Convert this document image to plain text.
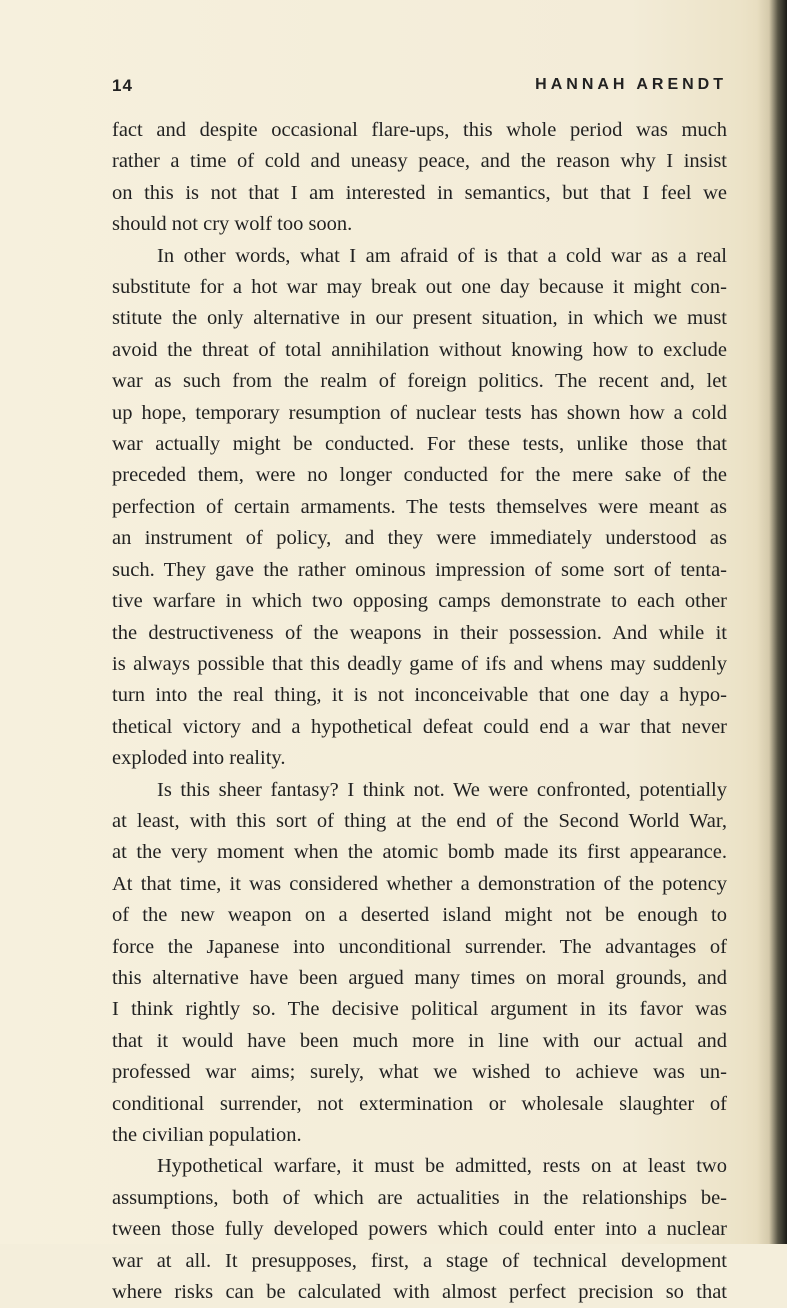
14	HANNAH ARENDT
fact and despite occasional flare-ups, this whole period was much
rather a time of cold and uneasy peace, and the reason why I insist
on this is not that I am interested in semantics, but that I feel we
should not cry wolf too soon.
In other words, what I am afraid of is that a cold war as a real
substitute for a hot war may break out one day because it might con-
stitute the only alternative in our present situation, in which we must
avoid the threat of total annihilation without knowing how to exclude
war as such from the realm of foreign politics. The recent and, let
up hope, temporary resumption of nuclear tests has shown how a cold
war actually might be conducted. For these tests, unlike those that
preceded them, were no longer conducted for the mere sake of the
perfection of certain armaments. The tests themselves were meant as
an instrument of policy, and they were immediately understood as
such. They gave the rather ominous impression of some sort of tenta-
tive warfare in which two opposing camps demonstrate to each other
the destructiveness of the weapons in their possession. And while it
is always possible that this deadly game of ifs and whens may suddenly
turn into the real thing, it is not inconceivable that one day a hypo-
thetical victory and a hypothetical defeat could end a war that never
exploded into reality.
Is this sheer fantasy? I think not. We were confronted, potentially
at least, with this sort of thing at the end of the Second World War,
at the very moment when the atomic bomb made its first appearance.
At that time, it was considered whether a demonstration of the potency
of the new weapon on a deserted island might not be enough to
force the Japanese into unconditional surrender. The advantages of
this alternative have been argued many times on moral grounds, and
I think rightly so. The decisive political argument in its favor was
that it would have been much more in line with our actual and
professed war aims; surely, what we wished to achieve was un-
conditional surrender, not extermination or wholesale slaughter of
the civilian population.
Hypothetical warfare, it must be admitted, rests on at least two
assumptions, both of which are actualities in the relationships be-
tween those fully developed powers which could enter into a nuclear
war at all. It presupposes, first, a stage of technical development
where risks can be calculated with almost perfect precision so that
